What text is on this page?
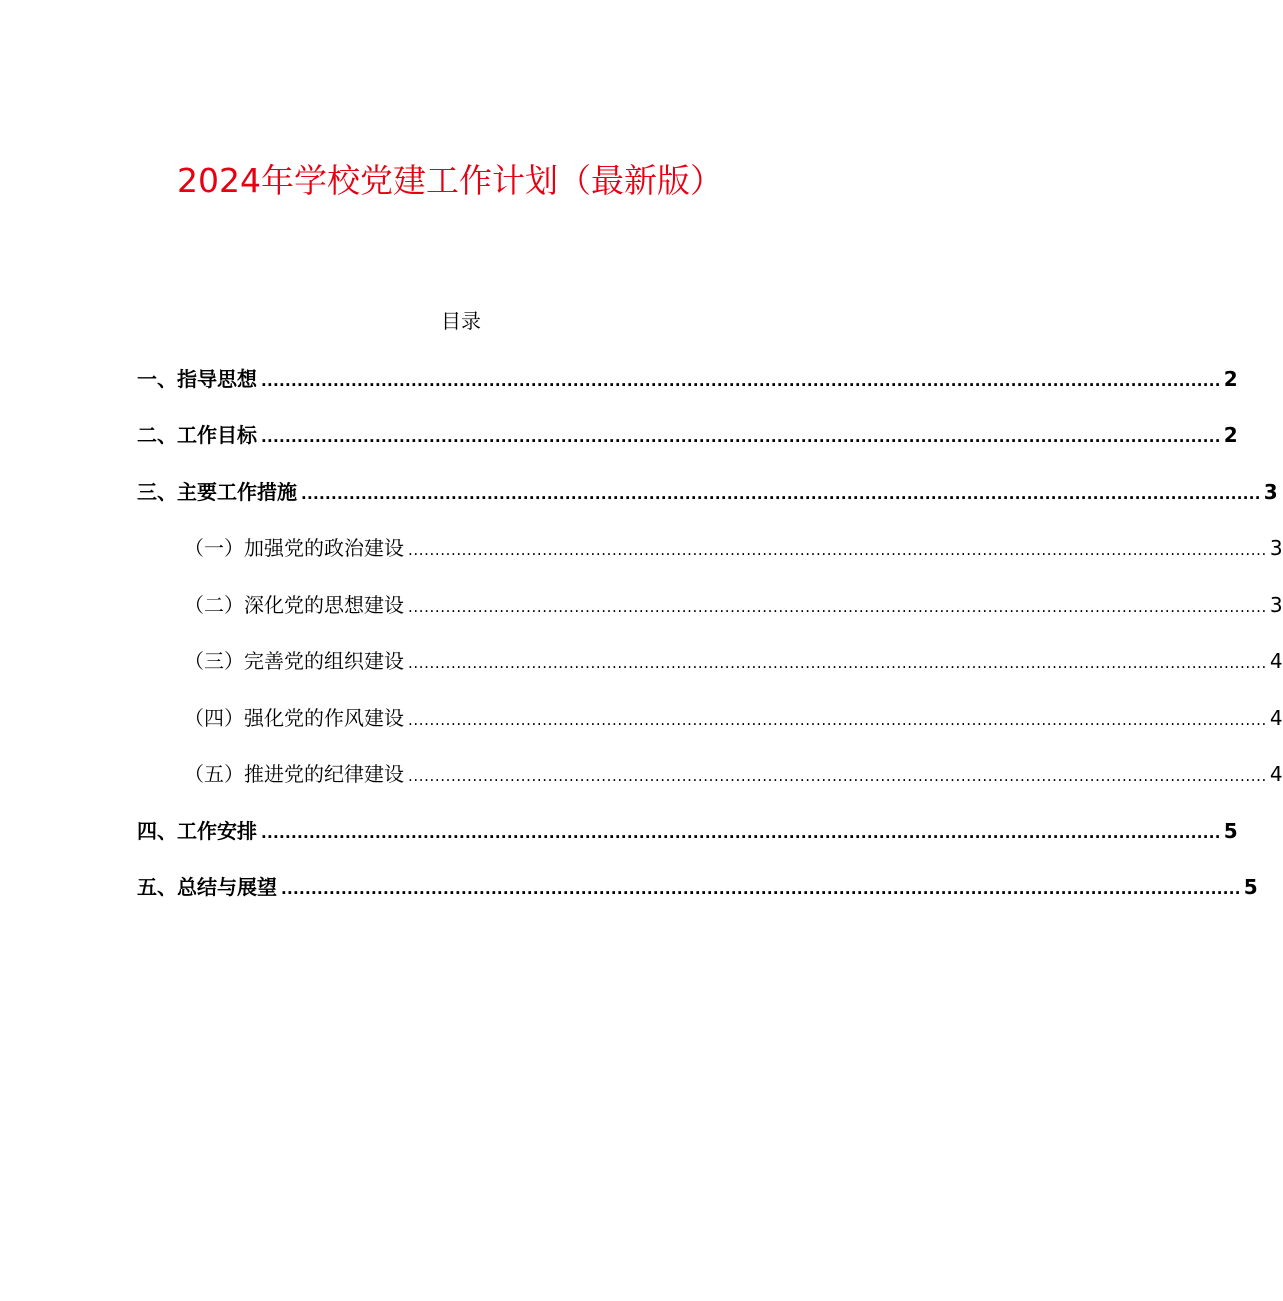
2024年学校党建工作计划（最新版）
目录
一、指导思想 ................................................................................................................................................................ 2
二、工作目标 ................................................................................................................................................................ 2
三、主要工作措施 ................................................................................................................................................................ 3
（一）加强党的政治建设 ................................................................................................................................................................ 3
（二）深化党的思想建设 ................................................................................................................................................................ 3
（三）完善党的组织建设 ................................................................................................................................................................ 4
（四）强化党的作风建设 ................................................................................................................................................................ 4
（五）推进党的纪律建设 ................................................................................................................................................................ 4
四、工作安排 ................................................................................................................................................................ 5
五、总结与展望 ................................................................................................................................................................ 5
